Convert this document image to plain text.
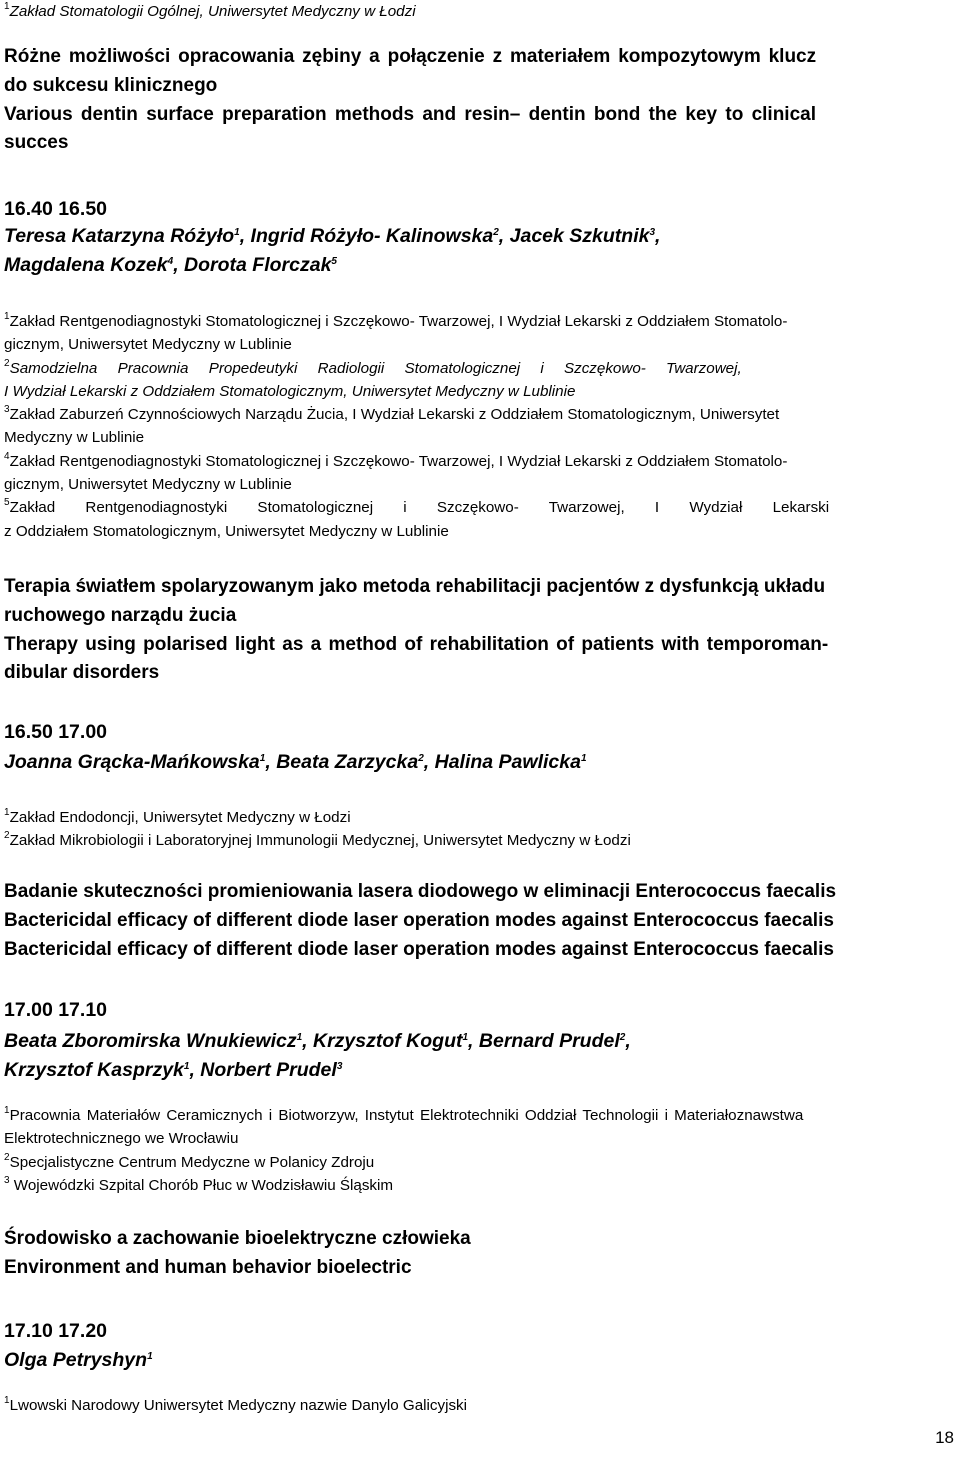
$^1$Zakład Stomatologii Ogólnej, Uniwersytet Medyczny w Łodzi
Różne możliwości opracowania zębiny a połączenie z materiałem kompozytowym klucz
do sukcesu klinicznego
Various dentin surface preparation methods and resin– dentin bond the key to clinical
succes
16.40 16.50
Teresa Katarzyna Różyło$^1$, Ingrid Różyło- Kalinowska$^2$, Jacek Szkutnik$^3$,
Magdalena Kozek$^4$, Dorota Florczak$^5$
$^1$Zakład Rentgenodiagnostyki Stomatologicznej i Szczękowo- Twarzowej, I Wydział Lekarski z Oddziałem Stomatolo-
gicznym, Uniwersytet Medyczny w Lublinie
$^2$Samodzielna Pracownia Propedeutyki Radiologii Stomatologicznej i Szczękowo- Twarzowej,
I Wydział Lekarski z Oddziałem Stomatologicznym, Uniwersytet Medyczny w Lublinie
$^3$Zakład Zaburzeń Czynnościowych Narządu Żucia, I Wydział Lekarski z Oddziałem Stomatologicznym, Uniwersytet
Medyczny w Lublinie
$^4$Zakład Rentgenodiagnostyki Stomatologicznej i Szczękowo- Twarzowej, I Wydział Lekarski z Oddziałem Stomatolo-
gicznym, Uniwersytet Medyczny w Lublinie
$^5$Zakład Rentgenodiagnostyki Stomatologicznej i Szczękowo- Twarzowej, I Wydział Lekarski
z Oddziałem Stomatologicznym, Uniwersytet Medyczny w Lublinie
Terapia światłem spolaryzowanym jako metoda rehabilitacji pacjentów z dysfunkcją układu
ruchowego narządu żucia
Therapy using polarised light as a method of rehabilitation of patients with temporoman-
dibular disorders
16.50 17.00
Joanna Grącka-Mańkowska$^1$, Beata Zarzycka$^2$, Halina Pawlicka$^1$
$^1$Zakład Endodoncji, Uniwersytet Medyczny w Łodzi
$^2$Zakład Mikrobiologii i Laboratoryjnej Immunologii Medycznej, Uniwersytet Medyczny w Łodzi
Badanie skuteczności promieniowania lasera diodowego w eliminacji Enterococcus faecalis
Bactericidal efficacy of different diode laser operation modes against Enterococcus faecalis
Bactericidal efficacy of different diode laser operation modes against Enterococcus faecalis
17.00 17.10
Beata Zboromirska Wnukiewicz$^1$, Krzysztof Kogut$^1$, Bernard Prudel$^2$,
Krzysztof Kasprzyk$^1$, Norbert Prudel$^3$
$^1$Pracownia Materiałów Ceramicznych i Biotworzyw, Instytut Elektrotechniki Oddział Technologii i Materiałoznawstwa
Elektrotechnicznego we Wrocławiu
$^2$Specjalistyczne Centrum Medyczne w Polanicy Zdroju
$^3$ Wojewódzki Szpital Chorób Płuc w Wodzisławiu Śląskim
Środowisko a zachowanie bioelektryczne człowieka
Environment and human behavior bioelectric
17.10 17.20
Olga Petryshyn$^1$
$^1$Lwowski Narodowy Uniwersytet Medyczny nazwie Danylo Galicyjski
18
